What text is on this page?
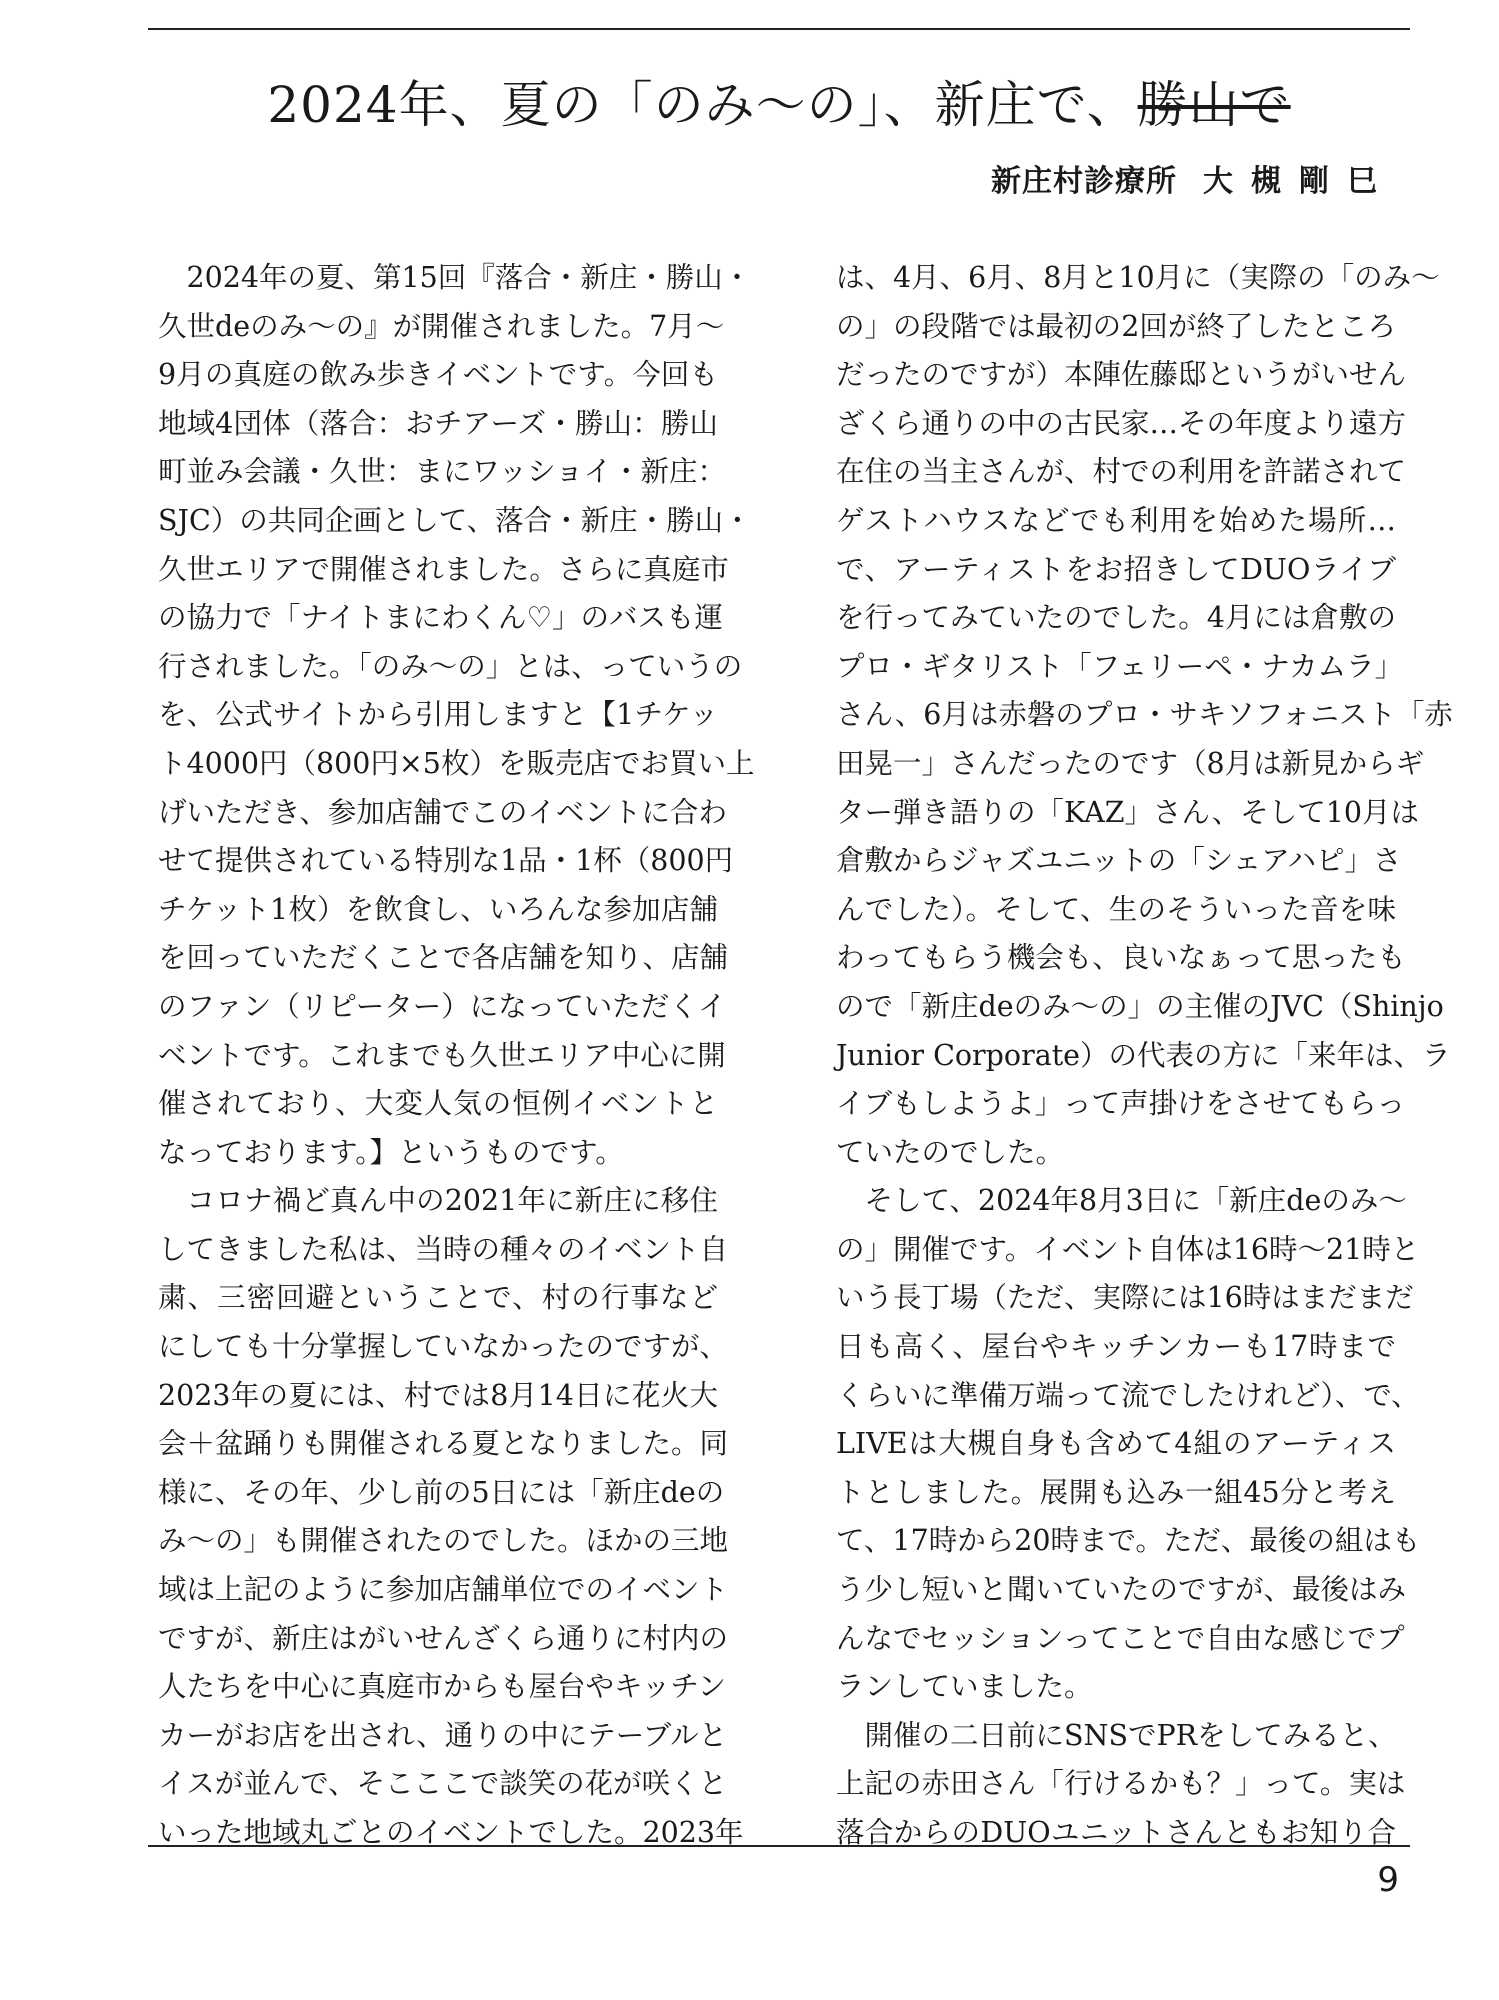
2024年、夏の「のみ〜の」、新庄で、勝山で
新庄村診療所 大槻剛巳
　2024年の夏、第15回『落合・新庄・勝山・
久世deのみ〜の』が開催されました。7月〜
9月の真庭の飲み歩きイベントです。今回も
地域4団体（落合：おチアーズ・勝山：勝山
町並み会議・久世：まにワッショイ・新庄：
SJC）の共同企画として、落合・新庄・勝山・
久世エリアで開催されました。さらに真庭市
の協力で「ナイトまにわくん♡」のバスも運
行されました。「のみ〜の」とは、っていうの
を、公式サイトから引用しますと【1チケッ
ト4000円（800円×5枚）を販売店でお買い上
げいただき、参加店舗でこのイベントに合わ
せて提供されている特別な1品・1杯（800円
チケット1枚）を飲食し、いろんな参加店舗
を回っていただくことで各店舗を知り、店舗
のファン（リピーター）になっていただくイ
ベントです。これまでも久世エリア中心に開
催されており、大変人気の恒例イベントと
なっております。】というものです。
　コロナ禍ど真ん中の2021年に新庄に移住
してきました私は、当時の種々のイベント自
粛、三密回避ということで、村の行事など
にしても十分掌握していなかったのですが、
2023年の夏には、村では8月14日に花火大
会＋盆踊りも開催される夏となりました。同
様に、その年、少し前の5日には「新庄deの
み〜の」も開催されたのでした。ほかの三地
域は上記のように参加店舗単位でのイベント
ですが、新庄はがいせんざくら通りに村内の
人たちを中心に真庭市からも屋台やキッチン
カーがお店を出され、通りの中にテーブルと
イスが並んで、そこここで談笑の花が咲くと
いった地域丸ごとのイベントでした。2023年
は、4月、6月、8月と10月に（実際の「のみ〜
の」の段階では最初の2回が終了したところ
だったのですが）本陣佐藤邸というがいせん
ざくら通りの中の古民家…その年度より遠方
在住の当主さんが、村での利用を許諾されて
ゲストハウスなどでも利用を始めた場所…
で、アーティストをお招きしてDUOライブ
を行ってみていたのでした。4月には倉敷の
プロ・ギタリスト「フェリーペ・ナカムラ」
さん、6月は赤磐のプロ・サキソフォニスト「赤
田晃一」さんだったのです（8月は新見からギ
ター弾き語りの「KAZ」さん、そして10月は
倉敷からジャズユニットの「シェアハピ」さ
んでした）。そして、生のそういった音を味
わってもらう機会も、良いなぁって思ったも
ので「新庄deのみ〜の」の主催のJVC（Shinjo
Junior Corporate）の代表の方に「来年は、ラ
イブもしようよ」って声掛けをさせてもらっ
ていたのでした。
　そして、2024年8月3日に「新庄deのみ〜
の」開催です。イベント自体は16時〜21時と
いう長丁場（ただ、実際には16時はまだまだ
日も高く、屋台やキッチンカーも17時まで
くらいに準備万端って流でしたけれど）、で、
LIVEは大槻自身も含めて4組のアーティス
トとしました。展開も込み一組45分と考え
て、17時から20時まで。ただ、最後の組はも
う少し短いと聞いていたのですが、最後はみ
んなでセッションってことで自由な感じでプ
ランしていました。
　開催の二日前にSNSでPRをしてみると、
上記の赤田さん「行けるかも？」って。実は
落合からのDUOユニットさんともお知り合
9
